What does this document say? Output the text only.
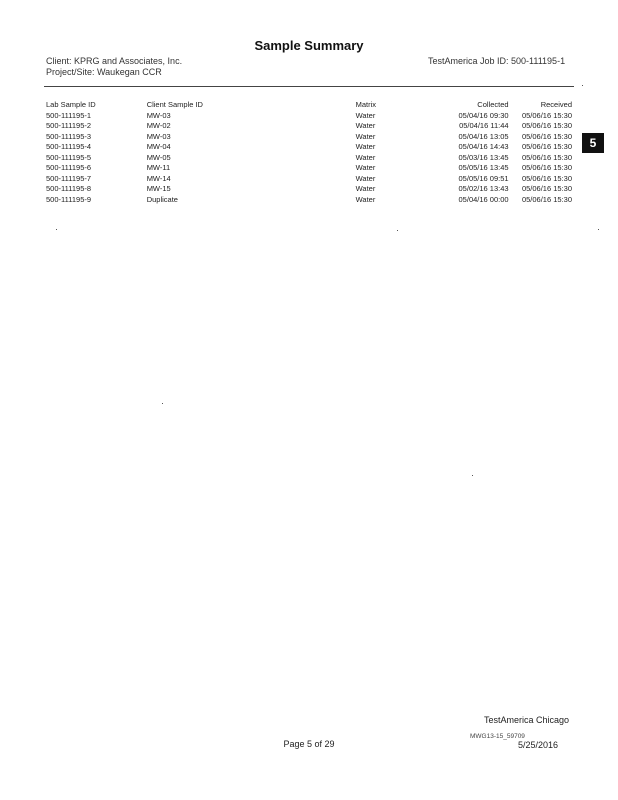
Sample Summary
Client: KPRG and Associates, Inc.
Project/Site: Waukegan CCR
TestAmerica Job ID: 500-111195-1
Lab Sample ID	Client Sample ID	Matrix	Collected	Received
500-111195-1	MW-03	Water	05/04/16 09:30	05/06/16 15:30
500-111195-2	MW-02	Water	05/04/16 11:44	05/06/16 15:30
500-111195-3	MW-03	Water	05/04/16 13:05	05/06/16 15:30
500-111195-4	MW-04	Water	05/04/16 14:43	05/06/16 15:30
500-111195-5	MW-05	Water	05/03/16 13:45	05/06/16 15:30
500-111195-6	MW-11	Water	05/05/16 13:45	05/06/16 15:30
500-111195-7	MW-14	Water	05/05/16 09:51	05/06/16 15:30
500-111195-8	MW-15	Water	05/02/16 13:43	05/06/16 15:30
500-111195-9	Duplicate	Water	05/04/16 00:00	05/06/16 15:30
5
TestAmerica Chicago
MWG13-15_59709
Page 5 of 29	5/25/2016
